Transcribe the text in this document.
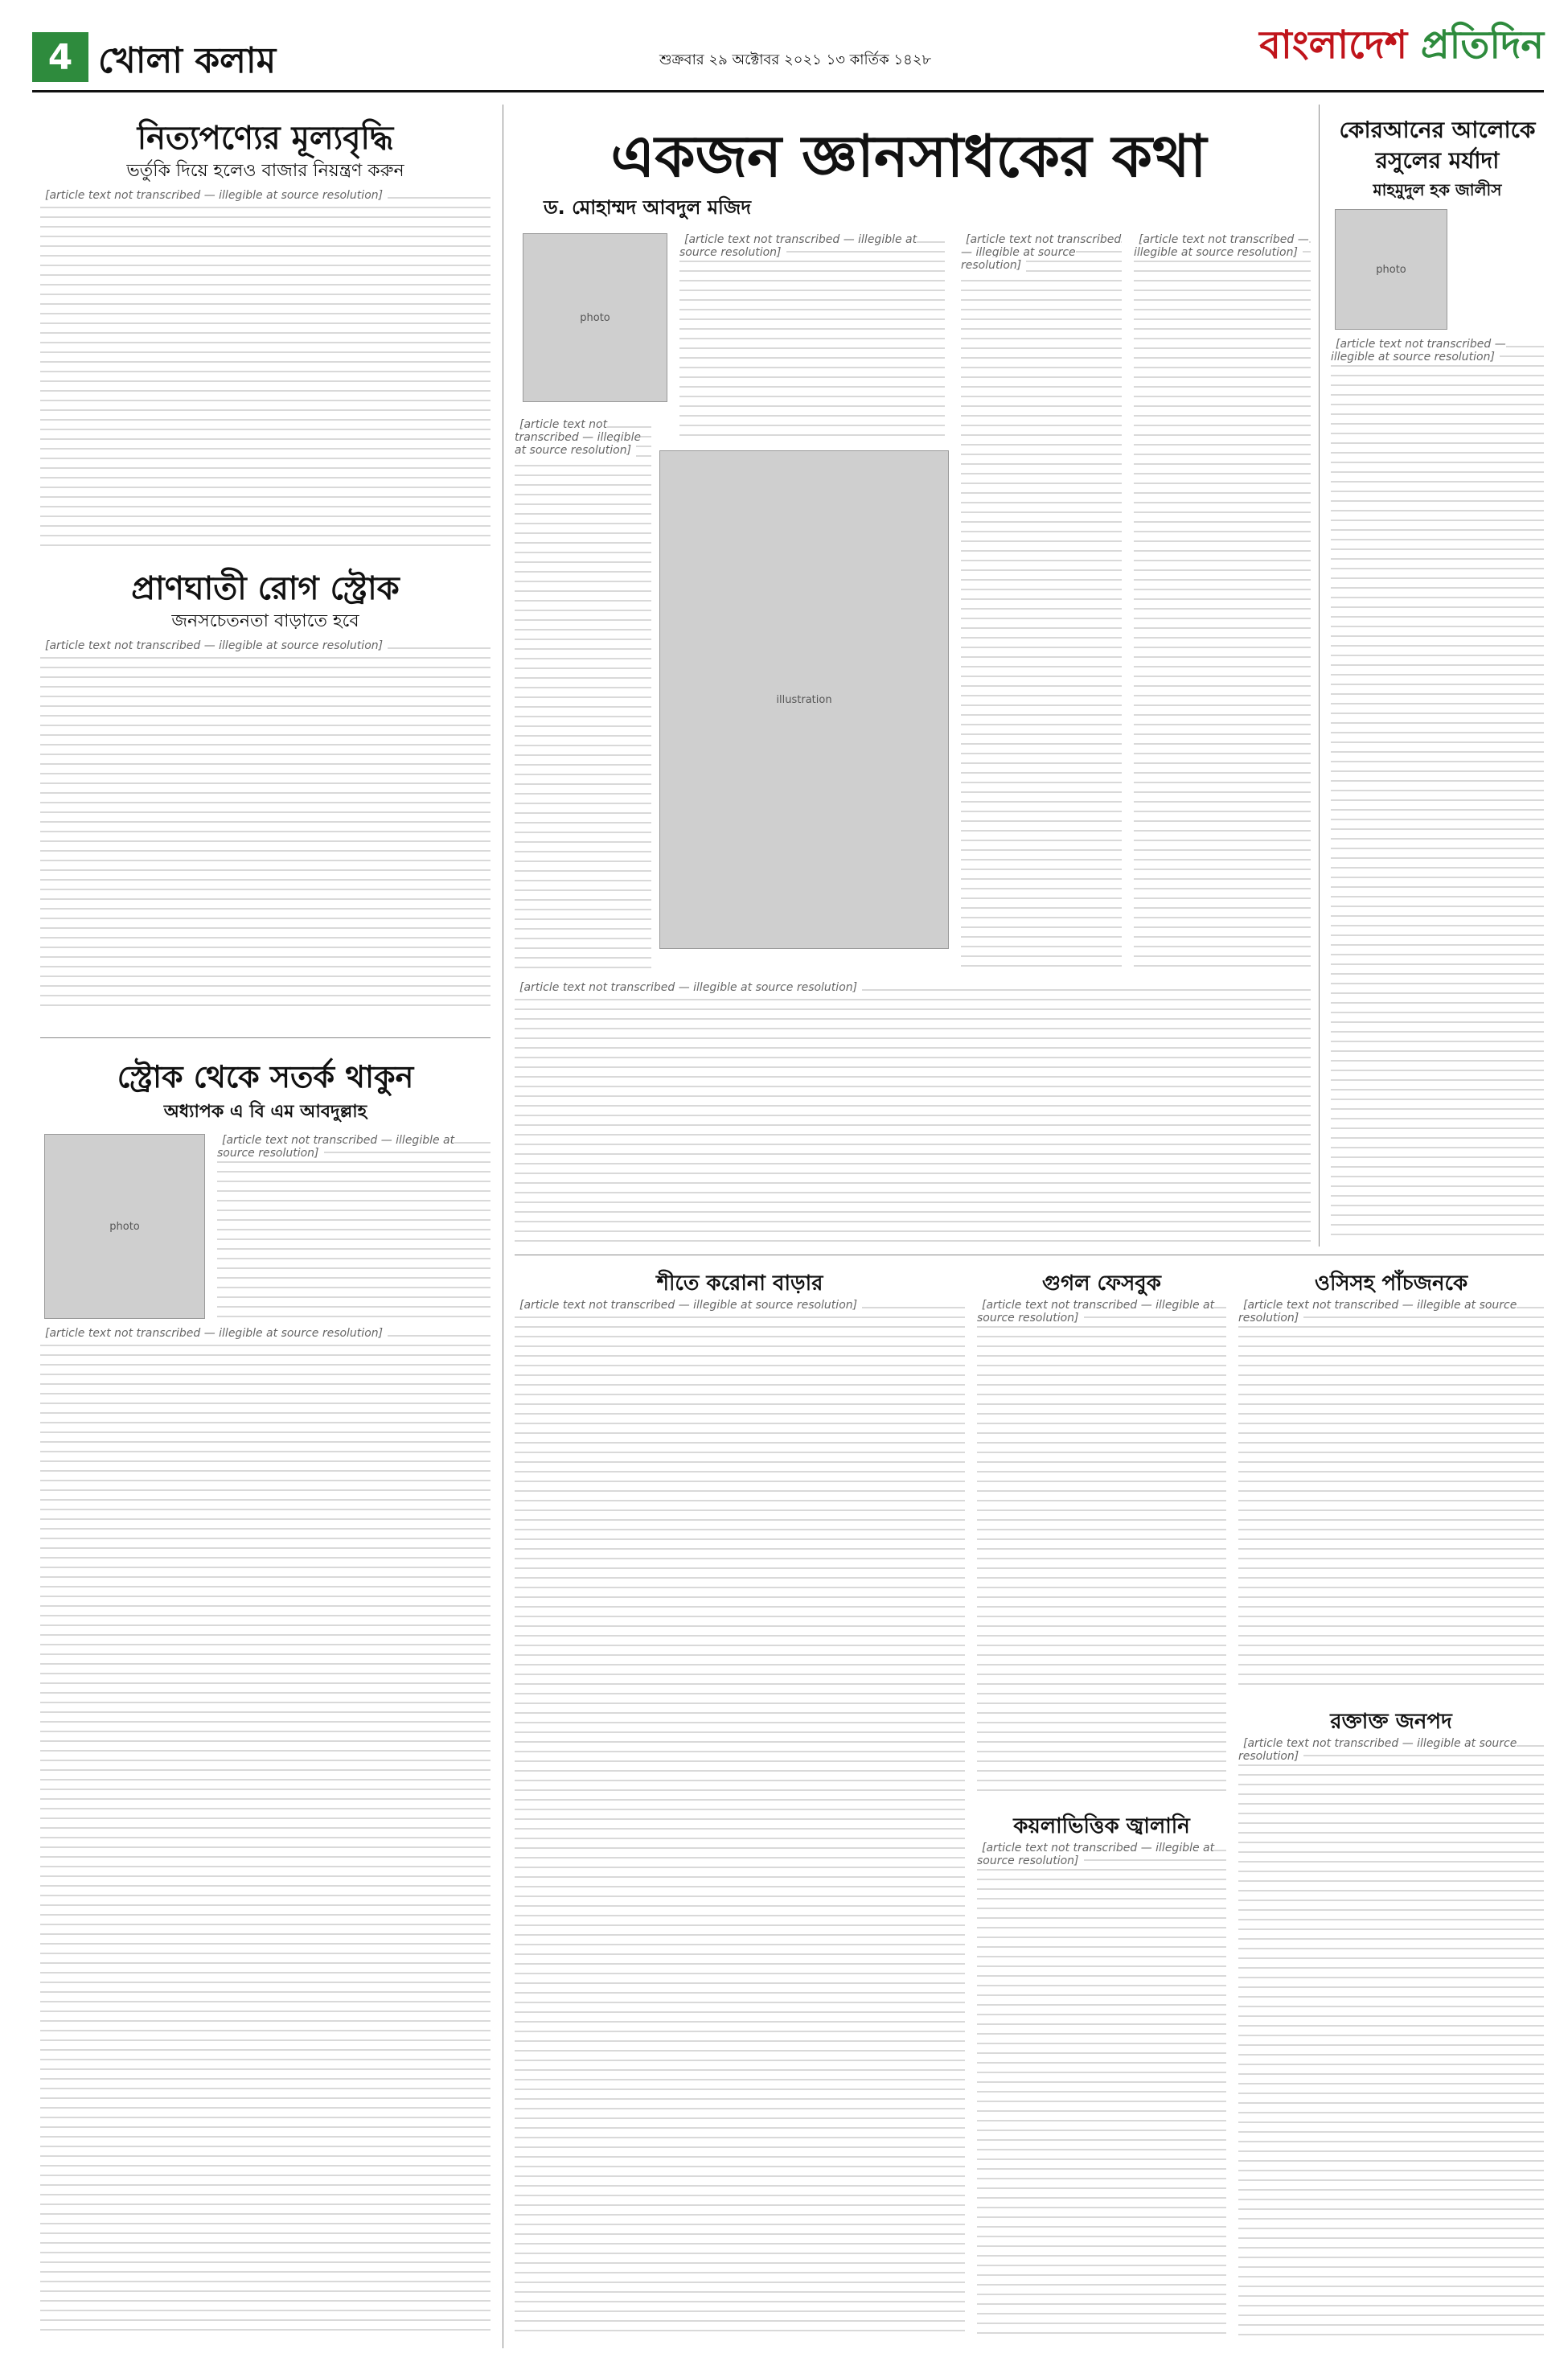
4 খোলা কলাম	শুক্রবার ২৯ অক্টোবর ২০২১ ১৩ কার্তিক ১৪২৮	বাংলাদেশ প্রতিদিন
নিত্যপণ্যের মূল্যবৃদ্ধি
ভর্তুকি দিয়ে হলেও বাজার নিয়ন্ত্রণ করুন
[article text not transcribed — illegible at source resolution]
প্রাণঘাতী রোগ স্ট্রোক
জনসচেতনতা বাড়াতে হবে
[article text not transcribed — illegible at source resolution]
স্ট্রোক থেকে সতর্ক থাকুন
অধ্যাপক এ বি এম আবদুল্লাহ
photo
[article text not transcribed — illegible at source resolution]
[article text not transcribed — illegible at source resolution]
একজন জ্ঞানসাধকের কথা
ড. মোহাম্মদ আবদুল মজিদ
photo
illustration
[article text not transcribed — illegible at source resolution]
[article text not transcribed — illegible at source resolution]
[article text not transcribed — illegible at source resolution]
[article text not transcribed — illegible at source resolution]
[article text not transcribed — illegible at source resolution]
কোরআনের আলোকে
রসুলের মর্যাদা
মাহমুদুল হক জালীস
photo
[article text not transcribed — illegible at source resolution]
শীতে করোনা বাড়ার
[article text not transcribed — illegible at source resolution]
গুগল ফেসবুক
[article text not transcribed — illegible at source resolution]
কয়লাভিত্তিক জ্বালানি
[article text not transcribed — illegible at source resolution]
ওসিসহ পাঁচজনকে
[article text not transcribed — illegible at source resolution]
রক্তাক্ত জনপদ
[article text not transcribed — illegible at source resolution]
